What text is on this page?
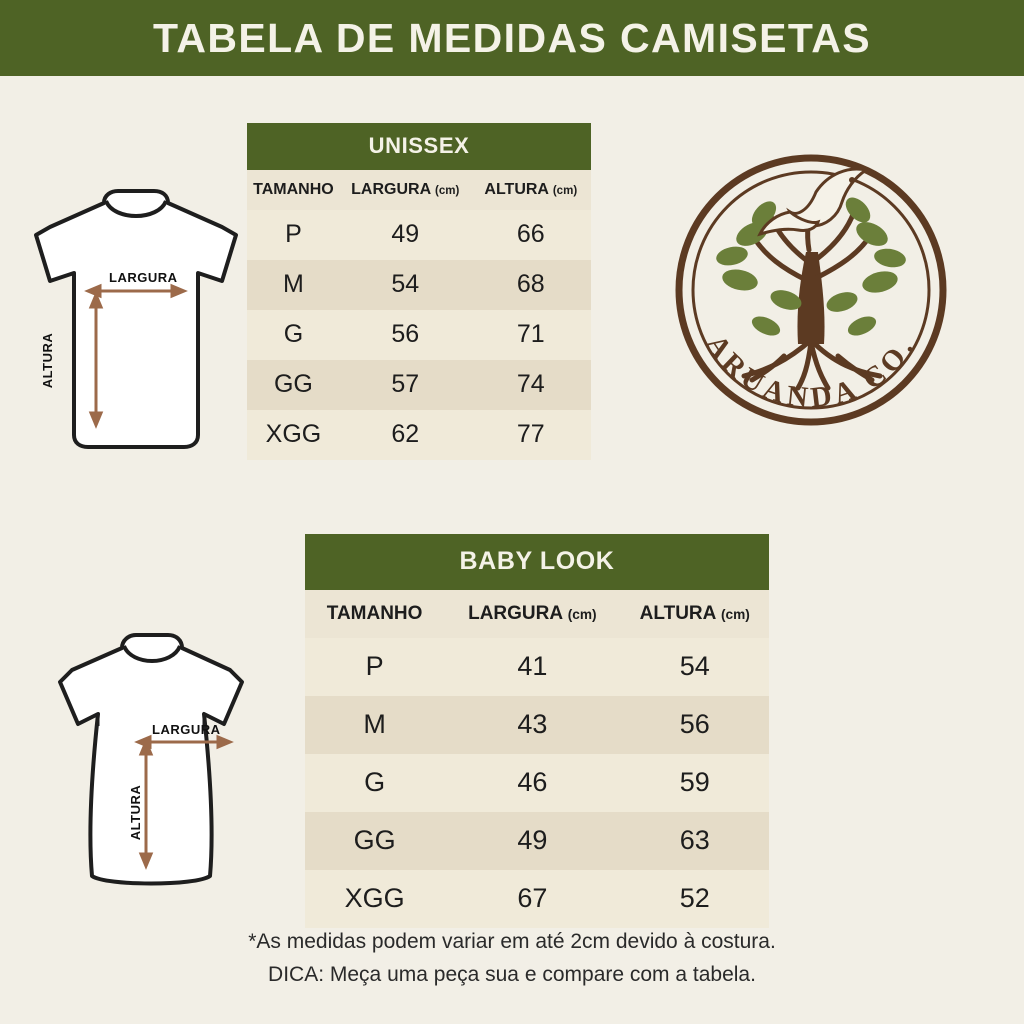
TABELA DE MEDIDAS CAMISETAS
LARGURA
ALTURA
LARGURA
ALTURA
UNISSEX		
TAMANHO	LARGURA (cm)	ALTURA (cm)
P	49	66
M	54	68
G	56	71
GG	57	74
XGG	62	77
BABY LOOK		
TAMANHO	LARGURA (cm)	ALTURA (cm)
P	41	54
M	43	56
G	46	59
GG	49	63
XGG	67	52
ARUANDA CO.
*As medidas podem variar em até 2cm devido à costura.
DICA: Meça uma peça sua e compare com a tabela.
